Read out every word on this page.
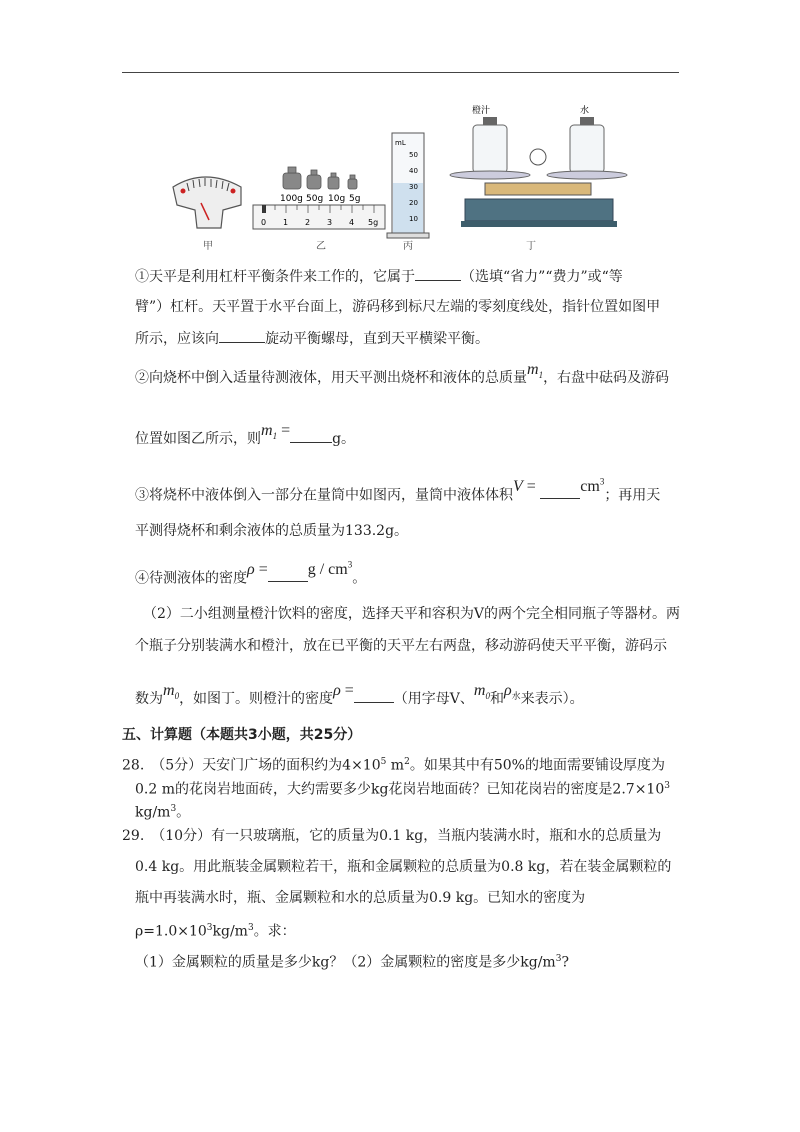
100g 50g 10g 5g
0 1 2 3 4 5g
mL
50
40
30
20
10
橙汁	水
甲	乙	丙	丁
①天平是利用杠杆平衡条件来工作的，它属于	（选填“省力”“费力”或“等
臂”）杠杆。天平置于水平台面上，游码移到标尺左端的零刻度线处，指针位置如图甲
所示，应该向	旋动平衡螺母，直到天平横梁平衡。
②向烧杯中倒入适量待测液体，用天平测出烧杯和液体的总质量$m_1$，右盘中砝码及游码
位置如图乙所示，则$m_1$ =	g。
③将烧杯中液体倒入一部分在量筒中如图丙，量筒中液体体积V =	$cm^3$；再用天
平测得烧杯和剩余液体的总质量为133.2g。
④待测液体的密度ρ =	g / $cm^3$。
（2）二小组测量橙汁饮料的密度，选择天平和容积为V的两个完全相同瓶子等器材。两
个瓶子分别装满水和橙汁，放在已平衡的天平左右两盘，移动游码使天平平衡，游码示
数为$m_0$，如图丁。则橙汁的密度ρ =	（用字母V、$m_0$和$\rho_水$来表示）。
五、计算题（本题共3小题，共25分）
28.　（5分）天安门广场的面积约为$4\times 10^5$ $m^2$。如果其中有50%的地面需要铺设厚度为
0.2 m的花岗岩地面砖，大约需要多少kg花岗岩地面砖？已知花岗岩的密度是$2.7\times 10^3$
$kg/m^3$。
29.　（10分）有一只玻璃瓶，它的质量为0.1 kg，当瓶内装满水时，瓶和水的总质量为
0.4 kg。用此瓶装金属颗粒若干，瓶和金属颗粒的总质量为0.8 kg，若在装金属颗粒的
瓶中再装满水时，瓶、金属颗粒和水的总质量为0.9 kg。已知水的密度为
$\rho=1.0\times 10^3kg/m^3$。求：
（1）金属颗粒的质量是多少kg？（2）金属颗粒的密度是多少$kg/m^3$?
